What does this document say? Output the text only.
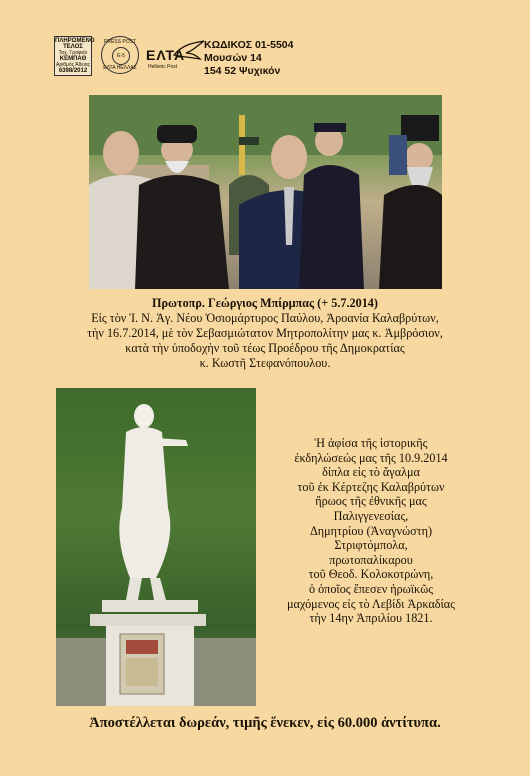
ΠΛΗΡΩΜΕΝΟ
ΤΕΛΟΣ
Ταχ. Γραφείο
ΚΕΜΠΑΘ
Αριθμός Άδειας
6398/2012
PRESS POST
Ε-5
ΕΛΤΑ ΗΕΛΛΑΣ
ΕΛΤΑ
Hellenic Post
ΚΩΔΙΚΟΣ 01-5504
Μουσών 14
154 52 Ψυχικόν
Πρωτοπρ. Γεώργιος Μπίρμπας (+ 5.7.2014)
Εἰς τὸν Ἱ. Ν. Ἁγ. Νέου Ὁσιομάρτυρος Παύλου, Ἀροανία Καλαβρύτων,
τὴν 16.7.2014, μὲ τὸν Σεβασμιώτατον Μητροπολίτην μας κ. Ἀμβρόσιον,
κατὰ τὴν ὑποδοχὴν τοῦ τέως Προέδρου τῆς Δημοκρατίας
κ. Κωστῆ Στεφανόπουλου.
Ἡ ἀφίσα τῆς ἱστορικῆς
ἐκδηλώσεώς μας τῆς 10.9.2014
δίπλα εἰς τὸ ἄγαλμα
τοῦ ἐκ Κέρτεζης Καλαβρύτων
ἥρωος τῆς ἐθνικῆς μας
Παλιγγενεσίας,
Δημητρίου (Ἀναγνώστη)
Στριφτόμπολα,
πρωτοπαλίκαρου
τοῦ Θεοδ. Κολοκοτρώνη,
ὁ ὁποῖος ἔπεσεν ἡρωϊκῶς
μαχόμενος εἰς τὸ Λεβίδι Ἀρκαδίας
τὴν 14ην Ἀπριλίου 1821.
Ἀποστέλλεται δωρεάν, τιμῆς ἕνεκεν, εἰς 60.000 ἀντίτυπα.
